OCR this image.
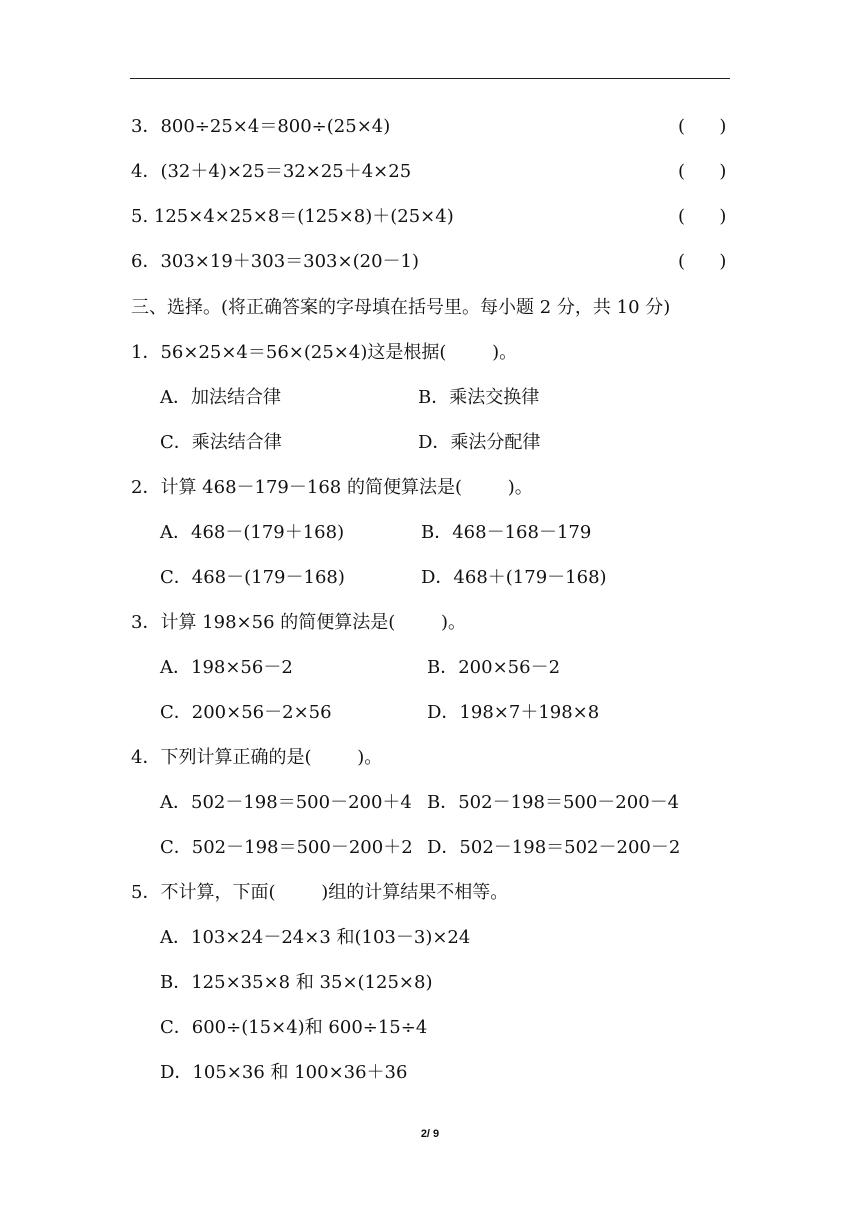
3．800÷25×4＝800÷(25×4)	(      )
4．(32＋4)×25＝32×25＋4×25	(      )
5. 125×4×25×8＝(125×8)＋(25×4)	(      )
6．303×19＋303＝303×(20－1)	(      )
三、选择。(将正确答案的字母填在括号里。每小题 2 分，共 10 分)
1．56×25×4＝56×(25×4)这是根据(        )。
A．加法结合律	B．乘法交换律
C．乘法结合律	D．乘法分配律
2．计算 468－179－168 的简便算法是(        )。
A．468－(179＋168)	B．468－168－179
C．468－(179－168)	D．468＋(179－168)
3．计算 198×56 的简便算法是(        )。
A．198×56－2	B．200×56－2
C．200×56－2×56	D．198×7＋198×8
4．下列计算正确的是(        )。
A．502－198＝500－200＋4 B．502－198＝500－200－4
C．502－198＝500－200＋2 D．502－198＝502－200－2
5．不计算，下面(        )组的计算结果不相等。
A．103×24－24×3 和(103－3)×24
B．125×35×8 和 35×(125×8)
C．600÷(15×4)和 600÷15÷4
D．105×36 和 100×36＋36
2/ 9
